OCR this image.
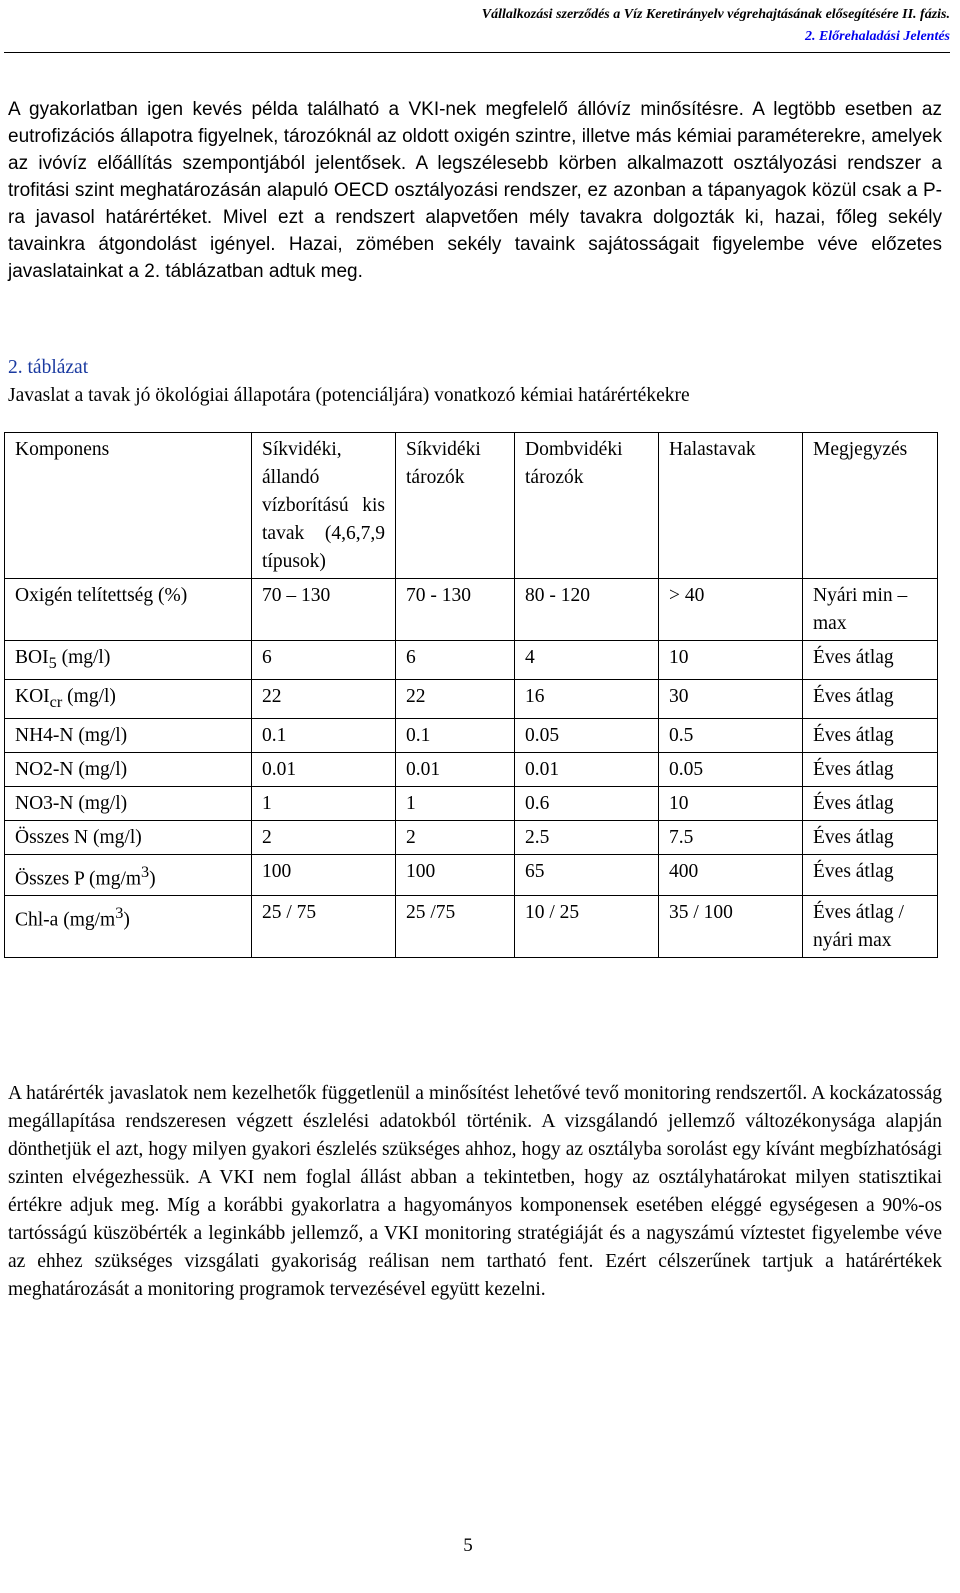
Vállalkozási szerződés a Víz Keretirányelv végrehajtásának elősegítésére II. fázis.
2. Előrehaladási Jelentés
A gyakorlatban igen kevés példa található a VKI-nek megfelelő állóvíz minősítésre. A legtöbb esetben az eutrofizációs állapotra figyelnek, tározóknál az oldott oxigén szintre, illetve más kémiai paraméterekre, amelyek az ivóvíz előállítás szempontjából jelentősek. A legszélesebb körben alkalmazott osztályozási rendszer a trofitási szint meghatározásán alapuló OECD osztályozási rendszer, ez azonban a tápanyagok közül csak a P-ra javasol határértéket. Mivel ezt a rendszert alapvetően mély tavakra dolgozták ki, hazai, főleg sekély tavainkra átgondolást igényel. Hazai, zömében sekély tavaink sajátosságait figyelembe véve előzetes javaslatainkat a 2. táblázatban adtuk meg.
2. táblázat
Javaslat a tavak jó ökológiai állapotára (potenciáljára) vonatkozó kémiai határértékekre
Komponens	Síkvidéki, állandó vízborítású kis tavak (4,6,7,9 típusok)	Síkvidéki tározók	Dombvidéki tározók	Halastavak	Megjegyzés
Oxigén telítettség (%)	70 – 130	70 - 130	80 - 120	> 40	Nyári min – max
$BOI_5$ (mg/l)	6	6	4	10	Éves átlag
$KOI_{cr}$ (mg/l)	22	22	16	30	Éves átlag
NH4-N (mg/l)	0.1	0.1	0.05	0.5	Éves átlag
NO2-N (mg/l)	0.01	0.01	0.01	0.05	Éves átlag
NO3-N (mg/l)	1	1	0.6	10	Éves átlag
Összes N (mg/l)	2	2	2.5	7.5	Éves átlag
Összes P $(mg/m^3)$	100	100	65	400	Éves átlag
Chl-a $(mg/m^3)$	25 / 75	25 /75	10 / 25	35 / 100	Éves átlag / nyári max
A határérték javaslatok nem kezelhetők függetlenül a minősítést lehetővé tevő monitoring rendszertől. A kockázatosság megállapítása rendszeresen végzett észlelési adatokból történik. A vizsgálandó jellemző változékonysága alapján dönthetjük el azt, hogy milyen gyakori észlelés szükséges ahhoz, hogy az osztályba sorolást egy kívánt megbízhatósági szinten elvégezhessük. A VKI nem foglal állást abban a tekintetben, hogy az osztályhatárokat milyen statisztikai értékre adjuk meg. Míg a korábbi gyakorlatra a hagyományos komponensek esetében eléggé egységesen a 90%-os tartósságú küszöbérték a leginkább jellemző, a VKI monitoring stratégiáját és a nagyszámú víztestet figyelembe véve az ehhez szükséges vizsgálati gyakoriság reálisan nem tartható fent. Ezért célszerűnek tartjuk a határértékek meghatározását a monitoring programok tervezésével együtt kezelni.
5
